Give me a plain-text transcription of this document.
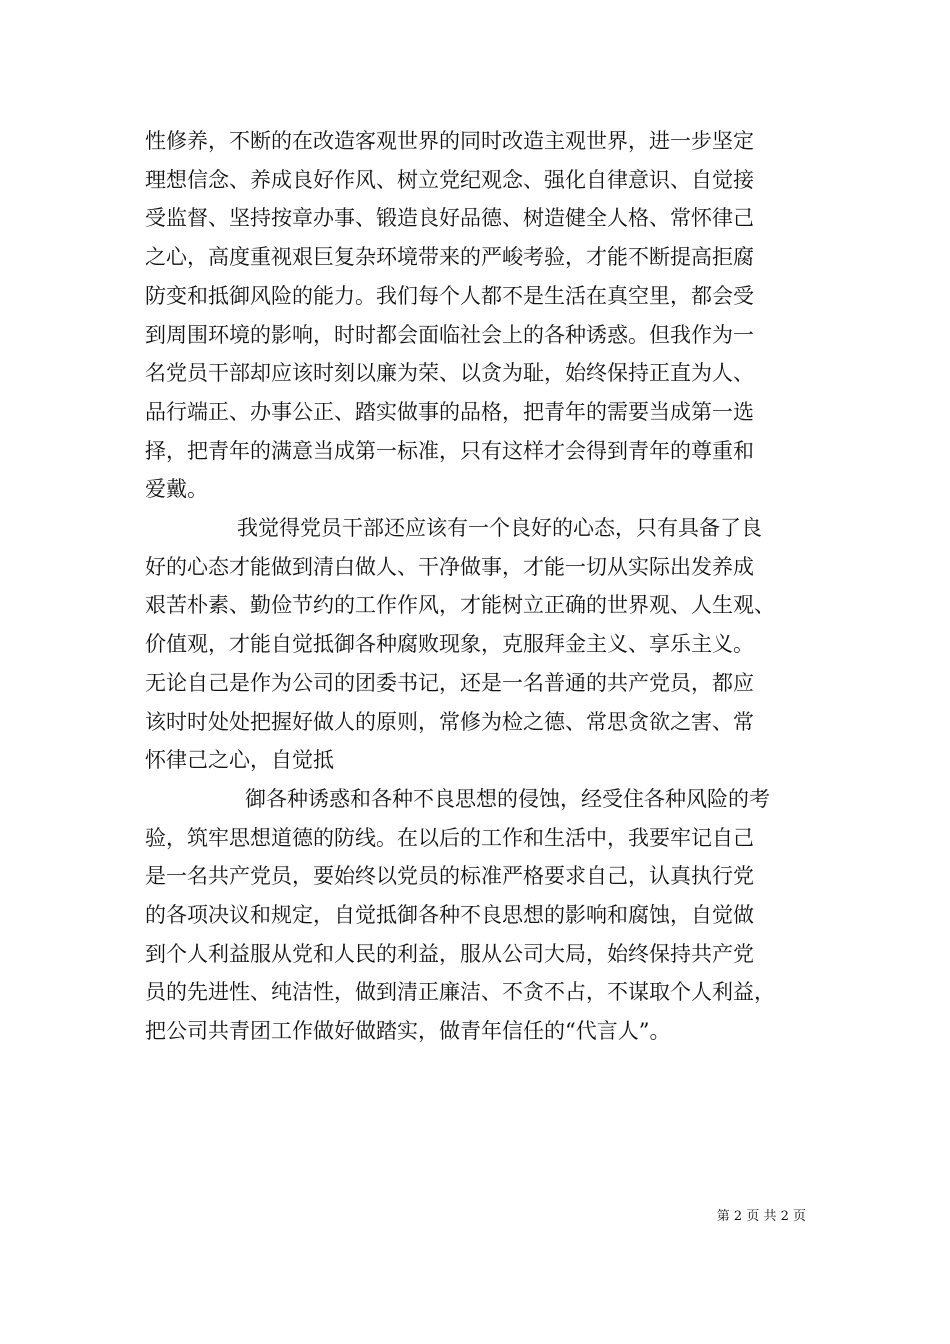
性修养，不断的在改造客观世界的同时改造主观世界，进一步坚定
理想信念、养成良好作风、树立党纪观念、强化自律意识、自觉接
受监督、坚持按章办事、锻造良好品德、树造健全人格、常怀律己
之心，高度重视艰巨复杂环境带来的严峻考验，才能不断提高拒腐
防变和抵御风险的能力。我们每个人都不是生活在真空里，都会受
到周围环境的影响，时时都会面临社会上的各种诱惑。但我作为一
名党员干部却应该时刻以廉为荣、以贪为耻，始终保持正直为人、
品行端正、办事公正、踏实做事的品格，把青年的需要当成第一选
择，把青年的满意当成第一标准，只有这样才会得到青年的尊重和
爱戴。
我觉得党员干部还应该有一个良好的心态，只有具备了良
好的心态才能做到清白做人、干净做事，才能一切从实际出发养成
艰苦朴素、勤俭节约的工作作风，才能树立正确的世界观、人生观、
价值观，才能自觉抵御各种腐败现象，克服拜金主义、享乐主义。
无论自己是作为公司的团委书记，还是一名普通的共产党员，都应
该时时处处把握好做人的原则，常修为检之德、常思贪欲之害、常
怀律己之心，自觉抵
御各种诱惑和各种不良思想的侵蚀，经受住各种风险的考
验，筑牢思想道德的防线。在以后的工作和生活中，我要牢记自己
是一名共产党员，要始终以党员的标准严格要求自己，认真执行党
的各项决议和规定，自觉抵御各种不良思想的影响和腐蚀，自觉做
到个人利益服从党和人民的利益，服从公司大局，始终保持共产党
员的先进性、纯洁性，做到清正廉洁、不贪不占，不谋取个人利益，
把公司共青团工作做好做踏实，做青年信任的“代言人”。
第 2 页 共 2 页
